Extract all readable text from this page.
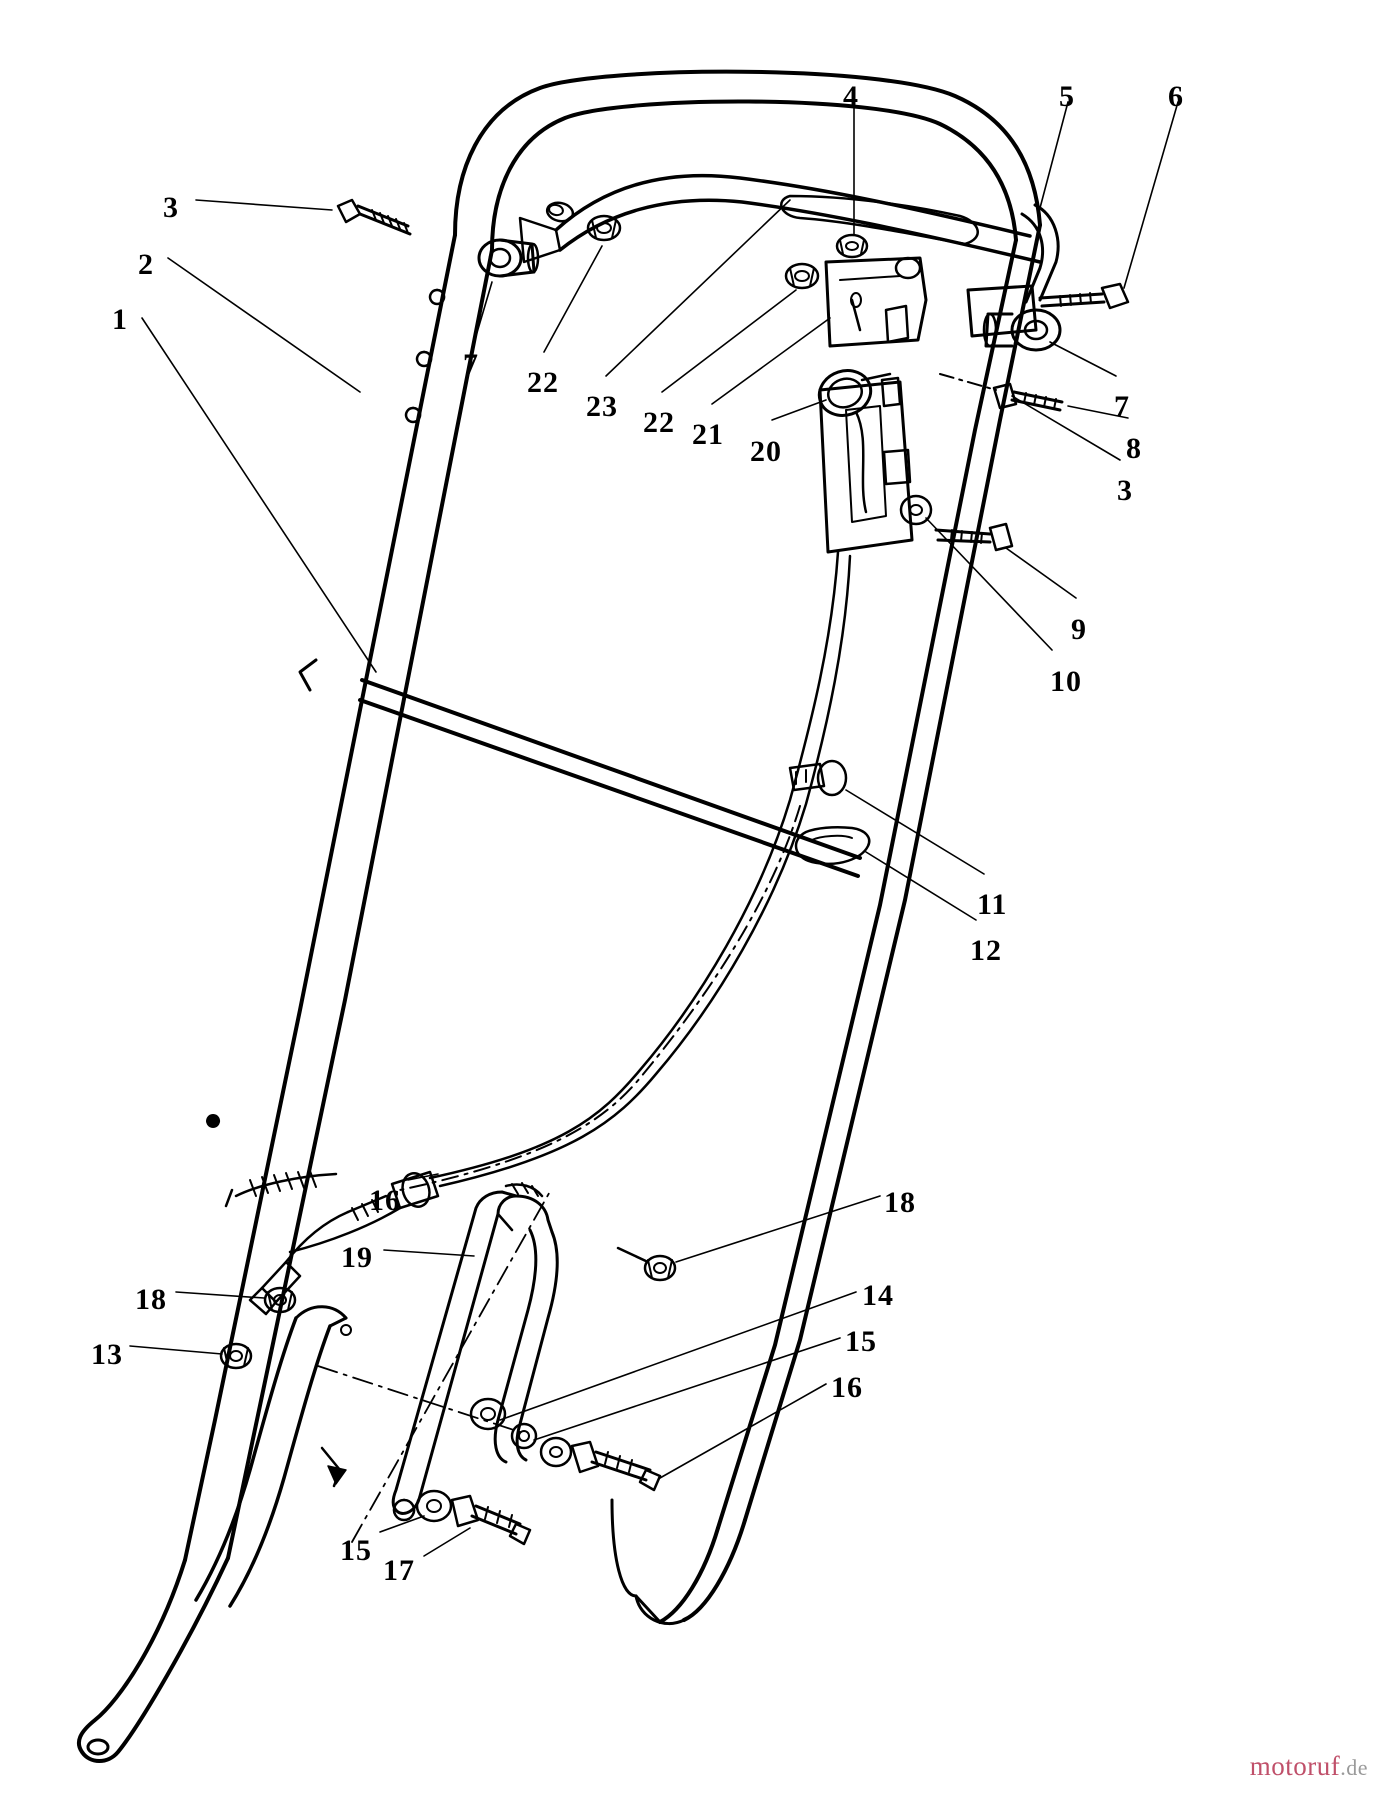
3
2
1
7
22
23 22 21
20
4	5	6
7
8
3
9
10
11
12
16
19
18
18
13
14
15
16
15
17
motoruf.de
